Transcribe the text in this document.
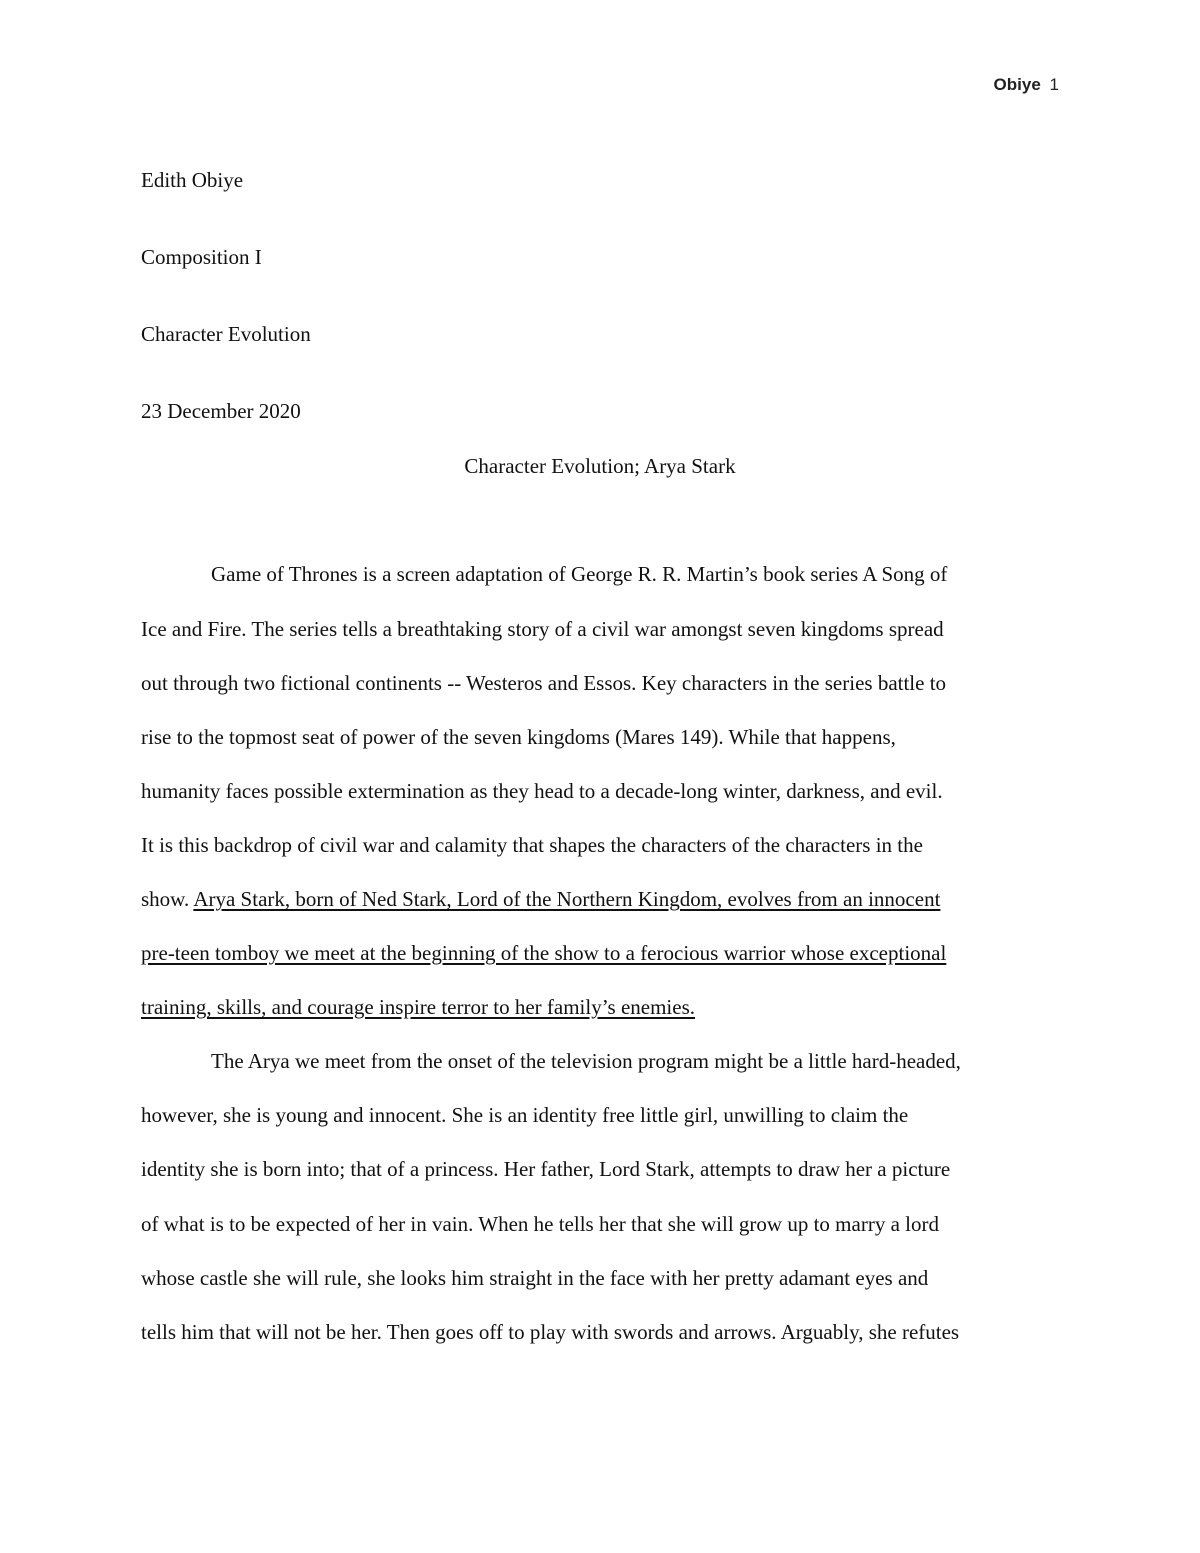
Obiye 1
Edith Obiye
Composition I
Character Evolution
23 December 2020
Character Evolution; Arya Stark
Game of Thrones is a screen adaptation of George R. R. Martin’s book series A Song of
Ice and Fire. The series tells a breathtaking story of a civil war amongst seven kingdoms spread
out through two fictional continents -- Westeros and Essos. Key characters in the series battle to
rise to the topmost seat of power of the seven kingdoms (Mares 149). While that happens,
humanity faces possible extermination as they head to a decade-long winter, darkness, and evil.
It is this backdrop of civil war and calamity that shapes the characters of the characters in the
show. Arya Stark, born of Ned Stark, Lord of the Northern Kingdom, evolves from an innocent
pre-teen tomboy we meet at the beginning of the show to a ferocious warrior whose exceptional
training, skills, and courage inspire terror to her family’s enemies.
The Arya we meet from the onset of the television program might be a little hard-headed,
however, she is young and innocent. She is an identity free little girl, unwilling to claim the
identity she is born into; that of a princess. Her father, Lord Stark, attempts to draw her a picture
of what is to be expected of her in vain. When he tells her that she will grow up to marry a lord
whose castle she will rule, she looks him straight in the face with her pretty adamant eyes and
tells him that will not be her. Then goes off to play with swords and arrows. Arguably, she refutes
